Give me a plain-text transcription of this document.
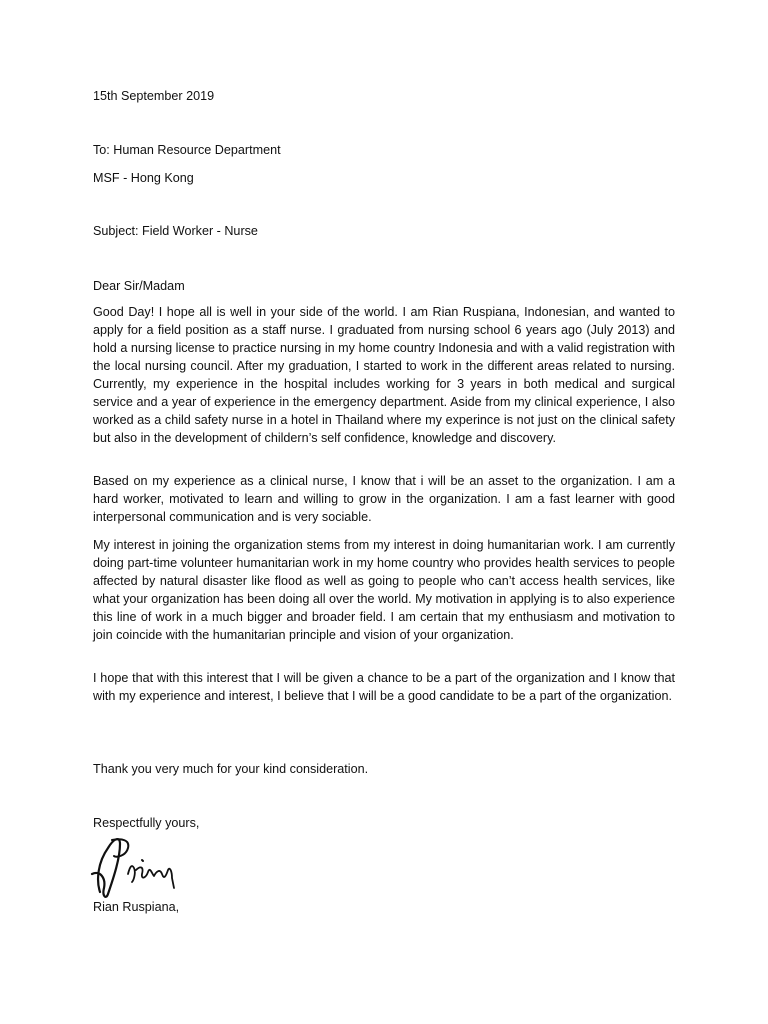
15th September 2019
To: Human Resource Department
MSF - Hong Kong
Subject: Field Worker - Nurse
Dear Sir/Madam
Good Day! I hope all is well in your side of the world. I am Rian Ruspiana, Indonesian, and wanted to apply for a field position as a staff nurse. I graduated from nursing school 6 years ago (July 2013) and hold a nursing license to practice nursing in my home country Indonesia and with a valid registration with the local nursing council. After my graduation, I started to work in the different areas related to nursing. Currently, my experience in the hospital includes working for 3 years in both medical and surgical service and a year of experience in the emergency department. Aside from my clinical experience, I also worked as a child safety nurse in a hotel in Thailand where my experince is not just on the clinical safety but also in the development of childern’s self confidence, knowledge and discovery.
Based on my experience as a clinical nurse, I know that i will be an asset to the organization. I am a hard worker, motivated to learn and willing to grow in the organization. I am a fast learner with good interpersonal communication and is very sociable.
My interest in joining the organization stems from my interest in doing humanitarian work. I am currently doing part-time volunteer humanitarian work in my home country who provides health services to people affected by natural disaster like flood as well as going to people who can’t access health services, like what your organization has been doing all over the world. My motivation in applying is to also experience this line of work in a much bigger and broader field. I am certain that my enthusiasm and motivation to join coincide with the humanitarian principle and vision of your organization.
I hope that with this interest that I will be given a chance to be a part of the organization and I know that with my experience and interest, I believe that I will be a good candidate to be a part of the organization.
Thank you very much for your kind consideration.
Respectfully yours,
Rian Ruspiana,
